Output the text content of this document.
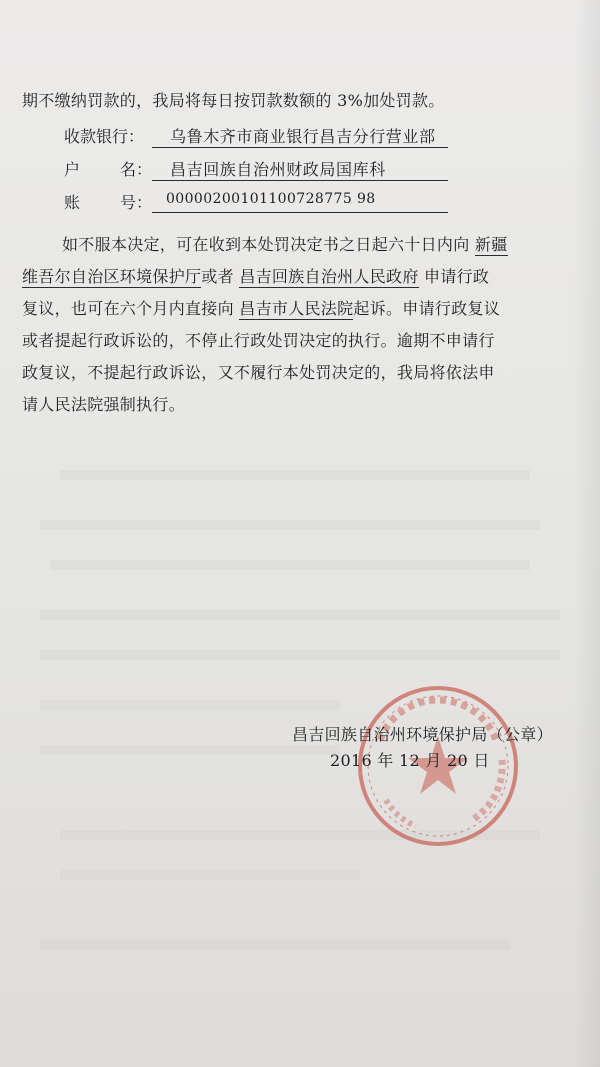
期不缴纳罚款的，我局将每日按罚款数额的 3%加处罚款。
收款银行： 乌鲁木齐市商业银行昌吉分行营业部
户 名： 昌吉回族自治州财政局国库科
账 号： 00000200101100728775 98
如不服本决定，可在收到本处罚决定书之日起六十日内向 新疆
维吾尔自治区环境保护厅或者 昌吉回族自治州人民政府 申请行政
复议，也可在六个月内直接向 昌吉市人民法院起诉。申请行政复议
或者提起行政诉讼的，不停止行政处罚决定的执行。逾期不申请行
政复议，不提起行政诉讼，又不履行本处罚决定的，我局将依法申
请人民法院强制执行。
昌吉回族自治州环境保护局（公章）
2016 年 12 月 20 日
